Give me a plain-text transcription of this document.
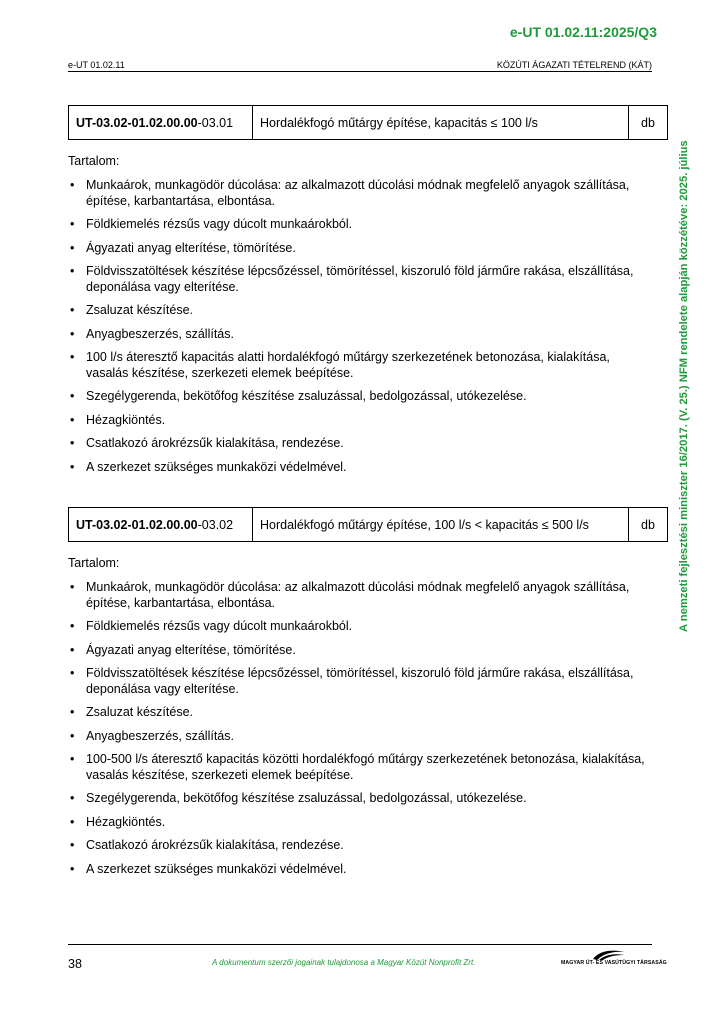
e-UT 01.02.11:2025/Q3
e-UT 01.02.11	KÖZÚTI ÁGAZATI TÉTELREND (KÁT)
A nemzeti fejlesztési miniszter 16/2017. (V. 25.) NFM rendelete alapján közzétéve: 2025. július
UT-03.02-01.02.00.00-03.01	Hordalékfogó műtárgy építése, kapacitás ≤ 100 l/s	db
Tartalom:
• Munkaárok, munkagödör dúcolása: az alkalmazott dúcolási módnak megfelelő anyagok szállítása, építése, karbantartása, elbontása.
• Földkiemelés rézsűs vagy dúcolt munkaárokból.
• Ágyazati anyag elterítése, tömörítése.
• Földvisszatöltések készítése lépcsőzéssel, tömörítéssel, kiszoruló föld járműre rakása, elszállítása, deponálása vagy elterítése.
• Zsaluzat készítése.
• Anyagbeszerzés, szállítás.
• 100 l/s áteresztő kapacitás alatti hordalékfogó műtárgy szerkezetének betonozása, kialakítása, vasalás készítése, szerkezeti elemek beépítése.
• Szegélygerenda, bekötőfog készítése zsaluzással, bedolgozással, utókezelése.
• Hézagkiöntés.
• Csatlakozó árokrézsűk kialakítása, rendezése.
• A szerkezet szükséges munkaközi védelmével.
UT-03.02-01.02.00.00-03.02	Hordalékfogó műtárgy építése, 100 l/s < kapacitás ≤ 500 l/s	db
Tartalom:
• Munkaárok, munkagödör dúcolása: az alkalmazott dúcolási módnak megfelelő anyagok szállítása, építése, karbantartása, elbontása.
• Földkiemelés rézsűs vagy dúcolt munkaárokból.
• Ágyazati anyag elterítése, tömörítése.
• Földvisszatöltések készítése lépcsőzéssel, tömörítéssel, kiszoruló föld járműre rakása, elszállítása, deponálása vagy elterítése.
• Zsaluzat készítése.
• Anyagbeszerzés, szállítás.
• 100-500 l/s áteresztő kapacitás közötti hordalékfogó műtárgy szerkezetének betonozása, kialakítása, vasalás készítése, szerkezeti elemek beépítése.
• Szegélygerenda, bekötőfog készítése zsaluzással, bedolgozással, utókezelése.
• Hézagkiöntés.
• Csatlakozó árokrézsűk kialakítása, rendezése.
• A szerkezet szükséges munkaközi védelmével.
38	A dokumentum szerzői jogainak tulajdonosa a Magyar Közút Nonprofit Zrt.	MAGYAR ÚT- ÉS VASÚTÜGYI TÁRSASÁG
